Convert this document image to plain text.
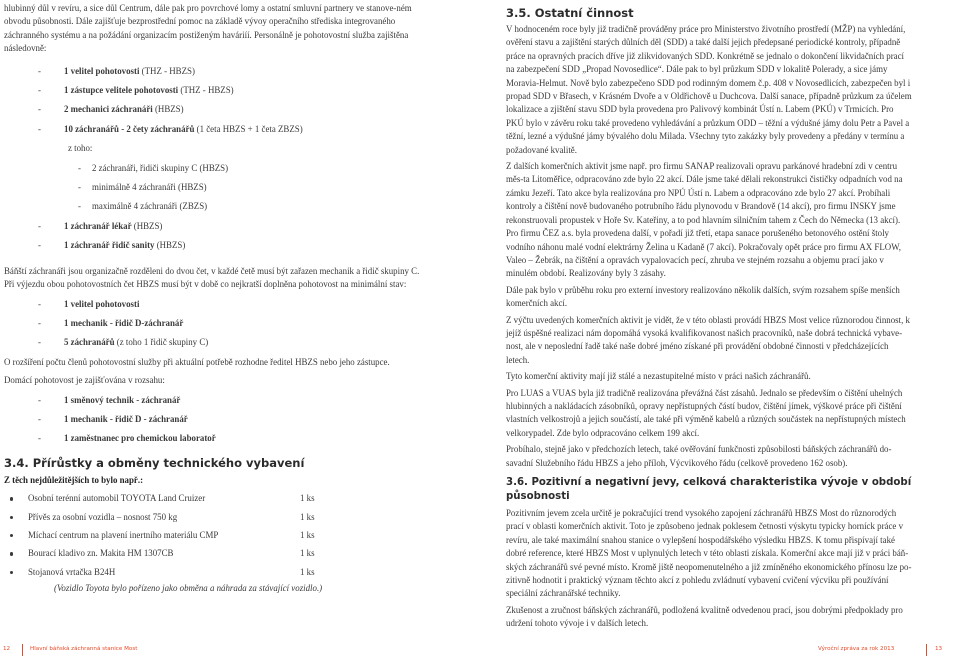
hlubinný důl v revíru, a sice důl Centrum, dále pak pro povrchové lomy a ostatní smluvní partnery ve stanove-ném obvodu působnosti. Dále zajišťuje bezprostřední pomoc na základě vývoy operačního střediska integrovaného záchranného systému a na požádání organizacím postiženým haváriíí. Personálně je pohotovostní služba zajištěna následovně:

- 1 velitel pohotovosti (THZ - HBZS)

- 1 zástupce velitele pohotovosti (THZ - HBZS)

- 2 mechanici záchranáři (HBZS)

- 10 záchranářů - 2 čety záchranářů (1 četa HBZS + 1 četa ZBZS)

z toho:

- 2 záchranáři, řidiči skupiny C (HBZS)

- minimálně 4 záchranáři (HBZS)

- maximálně 4 záchranáři (ZBZS)

- 1 záchranář lékař (HBZS)

- 1 záchranář řidič sanity (HBZS)

Báňští záchranáři jsou organizačně rozděleni do dvou čet, v každé četě musí být zařazen mechanik a řidič skupiny C. Při výjezdu obou pohotovostních čet HBZS musí být v době co nejkratší doplněna pohotovost na minimální stav:

- 1 velitel pohotovosti

- 1 mechanik - řidič D-záchranář

- 5 záchranářů (z toho 1 řidič skupiny C)

O rozšíření počtu členů pohotovostní služby při aktuální potřebě rozhodne ředitel HBZS nebo jeho zástupce.

Domácí pohotovost je zajišťována v rozsahu:

- 1 směnový technik - záchranář

- 1 mechanik - řidič D - záchranář

- 1 zaměstnanec pro chemickou laboratoř

3.4. Přírůstky a obměny technického vybavení

Z těch nejdůležitějších to bylo např.:

Osobní terénní automobil TOYOTA Land Cruizer	1 ks

Přívěs za osobní vozidla – nosnost 750 kg	1 ks

Míchací centrum na plavení inertního materiálu CMP	1 ks

Bourací kladivo zn. Makita HM 1307CB	1 ks

Stojanová vrtačka B24H	1 ks

(Vozidlo Toyota bylo pořízeno jako obměna a náhrada za stávající vozidlo.)

3.5. Ostatní činnost

V hodnoceném roce byly již tradičně prováděny práce pro Ministerstvo životního prostředí (MŽP) na vyhledání, ověření stavu a zajištění starých důlních děl (SDD) a také další jejich předepsané periodické kontroly, případně práce na opravných pracích dříve již zlikvidovaných SDD. Konkrétně se jednalo o dokončení likvidačních prací na zabezpečení SDD „Propad Novosedlice“. Dále pak to byl průzkum SDD v lokalitě Polerady, a sice jámy Moravia-Helmut. Nově bylo zabezpečeno SDD pod rodinným domem č.p. 408 v Novosedlicích, zabezpečen byl i propad SDD v Břasech, v Krásném Dvoře a v Oldřichově u Duchcova. Další sanace, případně průzkum za účelem lokalizace a zjištění stavu SDD byla provedena pro Palivový kombinát Ústí n. Labem (PKÚ) v Trmicích. Pro PKÚ bylo v závěru roku také provedeno vyhledávání a průzkum ODD – těžní a výdušné jámy dolu Petr a Pavel a těžní, lezné a výdušné jámy bývalého dolu Milada. Všechny tyto zakázky byly provedeny a předány v termínu a požadované kvalitě.

Z dalších komerčních aktivit jsme např. pro firmu SANAP realizovali opravu parkánové hradební zdi v centru měs-ta Litoměřice, odpracováno zde bylo 22 akcí. Dále jsme také dělali rekonstrukci čističky odpadních vod na zámku Jezeří. Tato akce byla realizována pro NPÚ Ústí n. Labem a odpracováno zde bylo 27 akcí. Probíhali kontroly a čištění nově budovaného potrubního řádu plynovodu v Brandově (14 akcí), pro firmu INSKY jsme rekonstruovali propustek v Hoře Sv. Kateřiny, a to pod hlavním silničním tahem z Čech do Německa (13 akcí). Pro firmu ČEZ a.s. byla provedena další, v pořadí již třetí, etapa sanace porušeného betonového ostění štoly vodního náhonu malé vodní elektrárny Želina u Kadaně (7 akcí). Pokračovaly opět práce pro firmu AX FLOW, Valeo – Žebrák, na čištění a opravách vypalovacích pecí, zhruba ve stejném rozsahu a objemu prací jako v minulém období. Realizovány byly 3 zásahy.

Dále pak bylo v průběhu roku pro externí investory realizováno několik dalších, svým rozsahem spíše menších komerčních akcí.

Z výčtu uvedených komerčních aktivit je vidět, že v této oblasti provádí HBZS Most velice různorodou činnost, k jejíž úspěšné realizaci nám dopomáhá vysoká kvalifikovanost našich pracovníků, naše dobrá technická vybave-nost, ale v neposlední řadě také naše dobré jméno získané při provádění obdobné činnosti v předcházejících letech.

Tyto komerční aktivity mají již stálé a nezastupitelné místo v práci našich záchranářů.

Pro LUAS a VUAS byla již tradičně realizována převážná část zásahů. Jednalo se především o čištění uhelných hlubinných a nakládacích zásobníků, opravy nepřístupných částí budov, čištění jímek, výškové práce při čištění vlastních velkostrojů a jejich součástí, ale také při výměně kabelů a různých součástek na nepřístupných místech velkorypadel. Zde bylo odpracováno celkem 199 akcí.

Probíhalo, stejně jako v předchozích letech, také ověřování funkčnosti způsobilosti báňských záchranářů do-savadní Služebního řádu HBZS a jeho příloh, Výcvikového řádu (celkově provedeno 162 osob).

3.6. Pozitivní a negativní jevy, celková charakteristika vývoje v období působnosti

Pozitivním jevem zcela určitě je pokračující trend vysokého zapojení záchranářů HBZS Most do různorodých prací v oblasti komerčních aktivit. Toto je způsobeno jednak poklesem četnosti výskytu typicky horníck práce v revíru, ale také maximální snahou stanice o vylepšení hospodářského výsledku HBZS. K tomu přispívají také dobré reference, které HBZS Most v uplynulých letech v této oblasti získala. Komerční akce mají již v práci báň-ských záchranářů své pevné místo. Kromě jiště neopomenutelného a již zmíněného ekonomického přínosu lze po-zitivně hodnotit i praktický význam těchto akcí z pohledu zvládnutí vybavení cvičení výcviku při používání speciální záchranářské techniky.

Zkušenost a zručnost báňských záchranářů, podložená kvalitně odvedenou prací, jsou dobrými předpoklady pro udržení tohoto vývoje i v dalších letech.

12	Hlavní báňská záchranná stanice Most	Výroční zpráva za rok 2013	13
